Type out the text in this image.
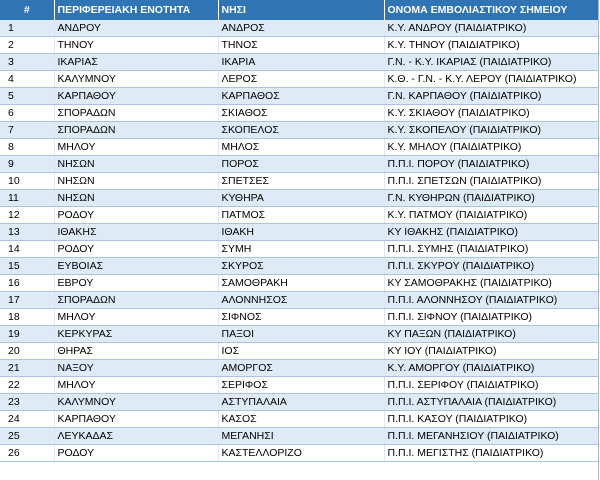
#	ΠΕΡΙΦΕΡΕΙΑΚΗ ΕΝΟΤΗΤΑ	ΝΗΣΙ	ΟΝΟΜΑ ΕΜΒΟΛΙΑΣΤΙΚΟΥ ΣΗΜΕΙΟΥ
1	ΑΝΔΡΟΥ	ΑΝΔΡΟΣ	Κ.Υ. ΑΝΔΡΟΥ (ΠΑΙΔΙΑΤΡΙΚΟ)
2	ΤΗΝΟΥ	ΤΗΝΟΣ	Κ.Υ. ΤΗΝΟΥ (ΠΑΙΔΙΑΤΡΙΚΟ)
3	ΙΚΑΡΙΑΣ	ΙΚΑΡΙΑ	Γ.Ν. - Κ.Υ. ΙΚΑΡΙΑΣ (ΠΑΙΔΙΑΤΡΙΚΟ)
4	ΚΑΛΥΜΝΟΥ	ΛΕΡΟΣ	Κ.Θ. - Γ.Ν. - Κ.Υ. ΛΕΡΟΥ (ΠΑΙΔΙΑΤΡΙΚΟ)
5	ΚΑΡΠΑΘΟΥ	ΚΑΡΠΑΘΟΣ	Γ.Ν. ΚΑΡΠΑΘΟΥ (ΠΑΙΔΙΑΤΡΙΚΟ)
6	ΣΠΟΡΑΔΩΝ	ΣΚΙΑΘΟΣ	Κ.Υ. ΣΚΙΑΘΟΥ (ΠΑΙΔΙΑΤΡΙΚΟ)
7	ΣΠΟΡΑΔΩΝ	ΣΚΟΠΕΛΟΣ	Κ.Υ. ΣΚΟΠΕΛΟΥ (ΠΑΙΔΙΑΤΡΙΚΟ)
8	ΜΗΛΟΥ	ΜΗΛΟΣ	Κ.Υ. ΜΗΛΟΥ (ΠΑΙΔΙΑΤΡΙΚΟ)
9	ΝΗΣΩΝ	ΠΟΡΟΣ	Π.Π.Ι. ΠΟΡΟΥ (ΠΑΙΔΙΑΤΡΙΚΟ)
10	ΝΗΣΩΝ	ΣΠΕΤΣΕΣ	Π.Π.Ι. ΣΠΕΤΣΩΝ (ΠΑΙΔΙΑΤΡΙΚΟ)
11	ΝΗΣΩΝ	ΚΥΘΗΡΑ	Γ.Ν. ΚΥΘΗΡΩΝ (ΠΑΙΔΙΑΤΡΙΚΟ)
12	ΡΟΔΟΥ	ΠΑΤΜΟΣ	Κ.Υ. ΠΑΤΜΟΥ (ΠΑΙΔΙΑΤΡΙΚΟ)
13	ΙΘΑΚΗΣ	ΙΘΑΚΗ	ΚΥ ΙΘΑΚΗΣ (ΠΑΙΔΙΑΤΡΙΚΟ)
14	ΡΟΔΟΥ	ΣΥΜΗ	Π.Π.Ι. ΣΥΜΗΣ (ΠΑΙΔΙΑΤΡΙΚΟ)
15	ΕΥΒΟΙΑΣ	ΣΚΥΡΟΣ	Π.Π.Ι. ΣΚΥΡΟΥ (ΠΑΙΔΙΑΤΡΙΚΟ)
16	ΕΒΡΟΥ	ΣΑΜΟΘΡΑΚΗ	ΚΥ ΣΑΜΟΘΡΑΚΗΣ (ΠΑΙΔΙΑΤΡΙΚΟ)
17	ΣΠΟΡΑΔΩΝ	ΑΛΟΝΝΗΣΟΣ	Π.Π.Ι. ΑΛΟΝΝΗΣΟΥ (ΠΑΙΔΙΑΤΡΙΚΟ)
18	ΜΗΛΟΥ	ΣΙΦΝΟΣ	Π.Π.Ι. ΣΙΦΝΟΥ (ΠΑΙΔΙΑΤΡΙΚΟ)
19	ΚΕΡΚΥΡΑΣ	ΠΑΞΟΙ	ΚΥ ΠΑΞΩΝ (ΠΑΙΔΙΑΤΡΙΚΟ)
20	ΘΗΡΑΣ	ΙΟΣ	ΚΥ ΙΟΥ (ΠΑΙΔΙΑΤΡΙΚΟ)
21	ΝΑΞΟΥ	ΑΜΟΡΓΟΣ	Κ.Υ. ΑΜΟΡΓΟΥ (ΠΑΙΔΙΑΤΡΙΚΟ)
22	ΜΗΛΟΥ	ΣΕΡΙΦΟΣ	Π.Π.Ι. ΣΕΡΙΦΟΥ (ΠΑΙΔΙΑΤΡΙΚΟ)
23	ΚΑΛΥΜΝΟΥ	ΑΣΤΥΠΑΛΑΙΑ	Π.Π.Ι. ΑΣΤΥΠΑΛΑΙΑ (ΠΑΙΔΙΑΤΡΙΚΟ)
24	ΚΑΡΠΑΘΟΥ	ΚΑΣΟΣ	Π.Π.Ι. ΚΑΣΟΥ (ΠΑΙΔΙΑΤΡΙΚΟ)
25	ΛΕΥΚΑΔΑΣ	ΜΕΓΑΝΗΣΙ	Π.Π.Ι. ΜΕΓΑΝΗΣΙΟΥ (ΠΑΙΔΙΑΤΡΙΚΟ)
26	ΡΟΔΟΥ	ΚΑΣΤΕΛΛΟΡΙΖΟ	Π.Π.Ι. ΜΕΓΙΣΤΗΣ (ΠΑΙΔΙΑΤΡΙΚΟ)
